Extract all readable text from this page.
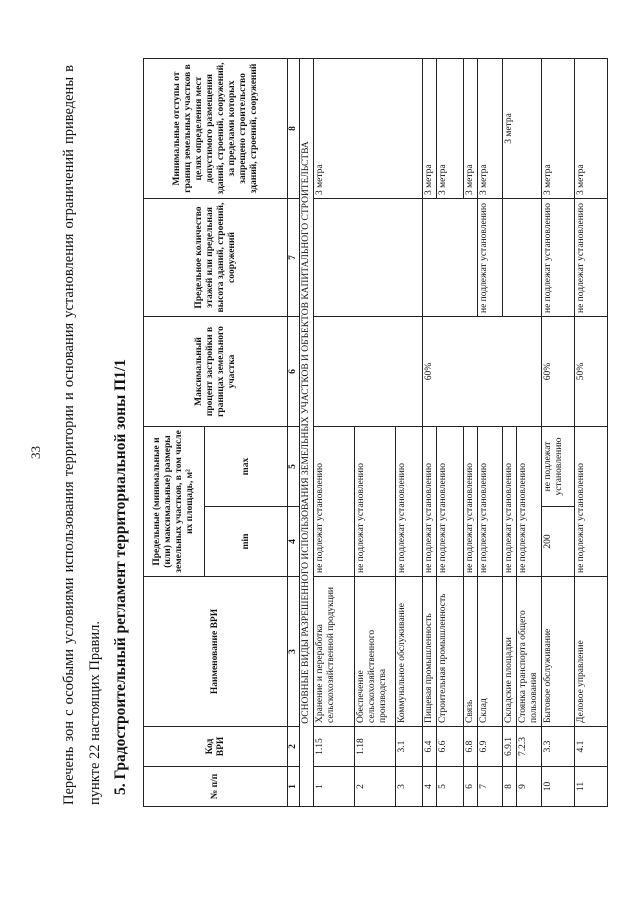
33	Перечень зон с особыми условиями использования территории и основания установления ограничений приведены в пункте 22 настоящих Правил. 5. Градостроительный регламент территориальной зоны П1/1	№ п/п	Код ВРИ	Наименование ВРИ	Предельные (минимальные и (или) максимальные) размеры земельных участков, в том числе их площадь, м²		Максимальный процент застройки в границах земельного участка	Предельное количество этажей или предельная высота зданий, строений, сооружений	Минимальные отступы от границ земельных участков в целях определения мест допустимого размещения зданий, строений, сооружений, за пределами которых запрещено строительство зданий, строений, сооружений
			min	max			
1	2	3	4	5	6	7	8
ОСНОВНЫЕ ВИДЫ РАЗРЕШЕННОГО ИСПОЛЬЗОВАНИЯ ЗЕМЕЛЬНЫХ УЧАСТКОВ И ОБЪЕКТОВ КАПИТАЛЬНОГО СТРОИТЕЛЬСТВА							
1	1.15	Хранение и переработка сельскохозяйственной продукции	не подлежат установлению				3 метра
2	1.18	Обеспечение сельскохозяйственного производства	не подлежат установлению				
3	3.1	Коммунальное обслуживание	не подлежат установлению				
4	6.4	Пищевая промышленность	не подлежат установлению		60%		3 метра
5	6.6	Строительная промышленность	не подлежат установлению				3 метра
6	6.8	Связь	не подлежат установлению				3 метра
7	6.9	Склад	не подлежат установлению			не подлежат установлению	3 метра
8	6.9.1	Складские площадки	не подлежат установлению				3 метра
9	7.2.3	Стоянка транспорта общего пользования	не подлежат установлению				
10	3.3	Бытовое обслуживание	200	не подлежат установлению	60%	не подлежат установлению	3 метра
11	4.1	Деловое управление	не подлежат установлению		50%	не подлежат установлению	3 метра
